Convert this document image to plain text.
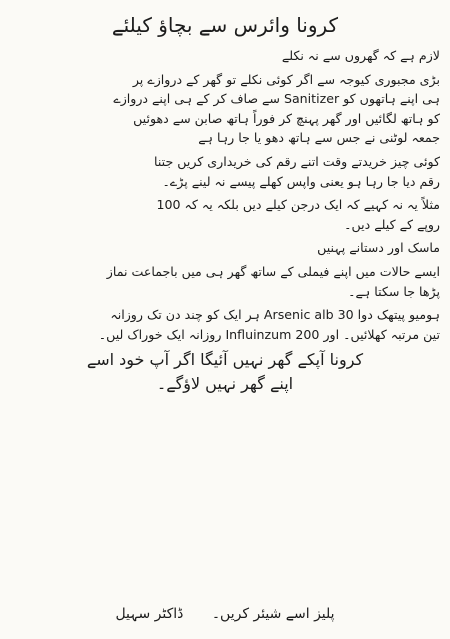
کرونا وائرس سے بچاؤ کیلئے
لازم ہے کہ گھروں سے نہ نکلے
بڑی مجبوری کیوجہ سے اگر کوئی نکلے تو گھر کے دروازے پر
ہی اپنے ہاتھوں کو Sanitizer سے صاف کر کے ہی اپنے دروازے
کو ہاتھ لگائیں اور گھر پہنچ کر فوراً ہاتھ صابن سے دھوئیں
جمعہ لوٹنی نے جس سے ہاتھ دھو یا جا رہا ہے
کوئی چیز خریدتے وقت اتنے رقم کی خریداری کریں جتنا
رقم دیا جا رہا ہو یعنی واپس کھلے پیسے نہ لینے پڑے۔
مثلاً یہ نہ کہیے کہ ایک درجن کیلے دیں بلکہ یہ کہ 100
روپے کے کیلے دیں۔
ماسک اور دستانے پہنیں
ایسے حالات میں اپنے فیملی کے ساتھ گھر ہی میں باجماعت نماز
پڑھا جا سکتا ہے۔
ہومیو پیتھک دوا Arsenic alb 30 ہر ایک کو چند دن تک روزانہ
تین مرتبہ کھلائیں۔ اور Influinzum 200 روزانہ ایک خوراک لیں۔
کرونا آپکے گھر نہیں آئیگا اگر آپ خود اسے
اپنے گھر نہیں لاؤگے۔
پلیز اسے شیئر کریں۔ ڈاکٹر سہیل
